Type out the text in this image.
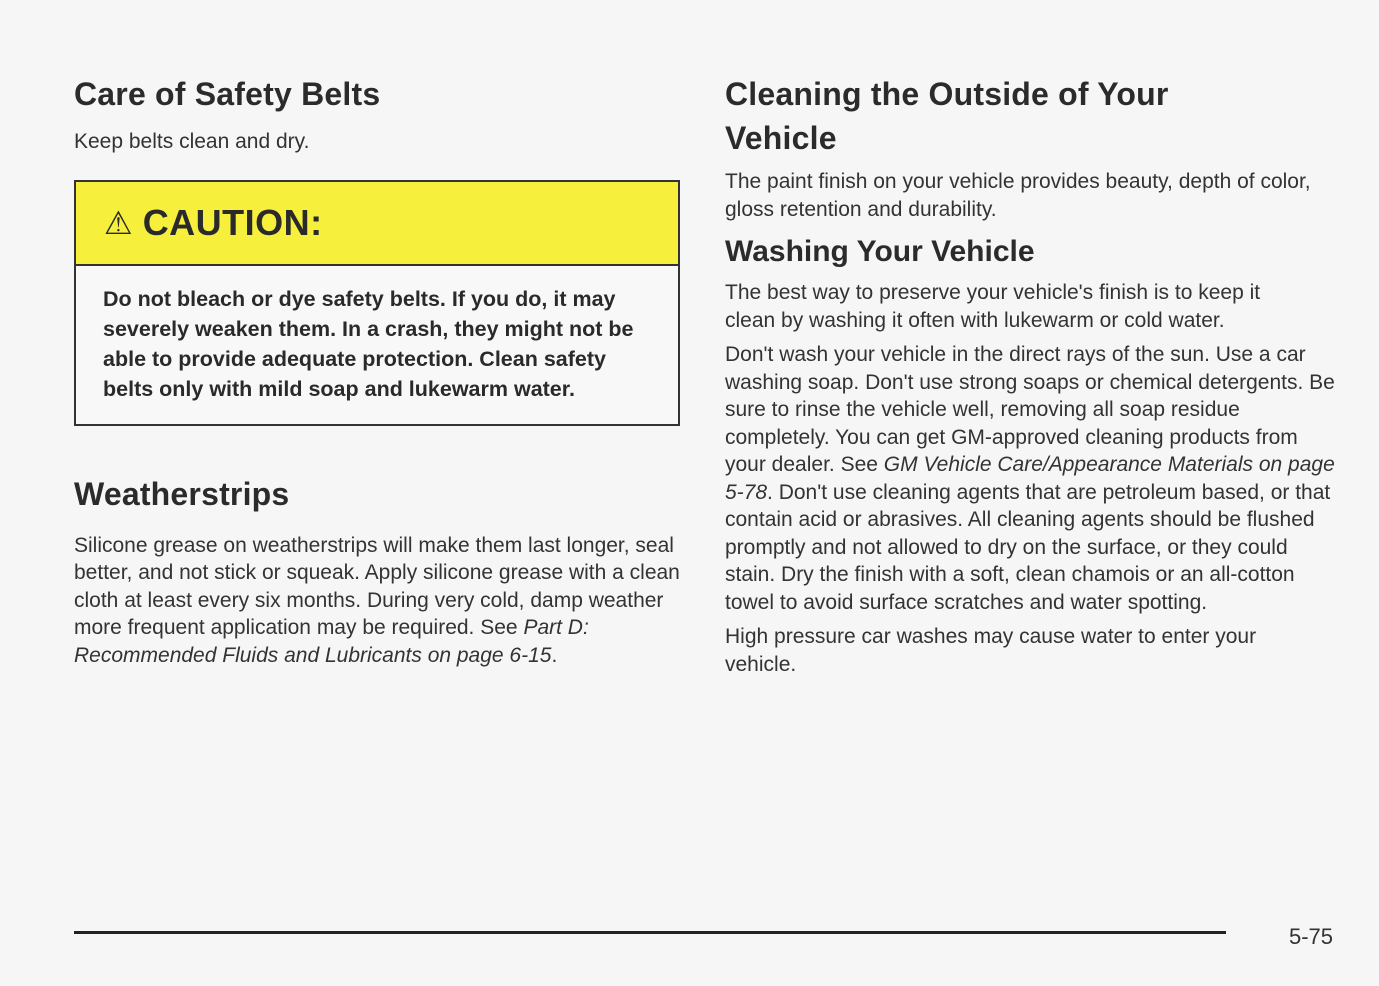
Care of Safety Belts

Keep belts clean and dry.

⚠ CAUTION:
Do not bleach or dye safety belts. If you do, it may severely weaken them. In a crash, they might not be able to provide adequate protection. Clean safety belts only with mild soap and lukewarm water.
Weatherstrips

Silicone grease on weatherstrips will make them last longer, seal better, and not stick or squeak. Apply silicone grease with a clean cloth at least every six months. During very cold, damp weather more frequent application may be required. See Part D: Recommended Fluids and Lubricants on page 6-15.

Cleaning the Outside of Your Vehicle

The paint finish on your vehicle provides beauty, depth of color, gloss retention and durability.

Washing Your Vehicle

The best way to preserve your vehicle's finish is to keep it clean by washing it often with lukewarm or cold water.

Don't wash your vehicle in the direct rays of the sun. Use a car washing soap. Don't use strong soaps or chemical detergents. Be sure to rinse the vehicle well, removing all soap residue completely. You can get GM-approved cleaning products from your dealer. See GM Vehicle Care/Appearance Materials on page 5-78. Don't use cleaning agents that are petroleum based, or that contain acid or abrasives. All cleaning agents should be flushed promptly and not allowed to dry on the surface, or they could stain. Dry the finish with a soft, clean chamois or an all-cotton towel to avoid surface scratches and water spotting.

High pressure car washes may cause water to enter your vehicle.

5-75
